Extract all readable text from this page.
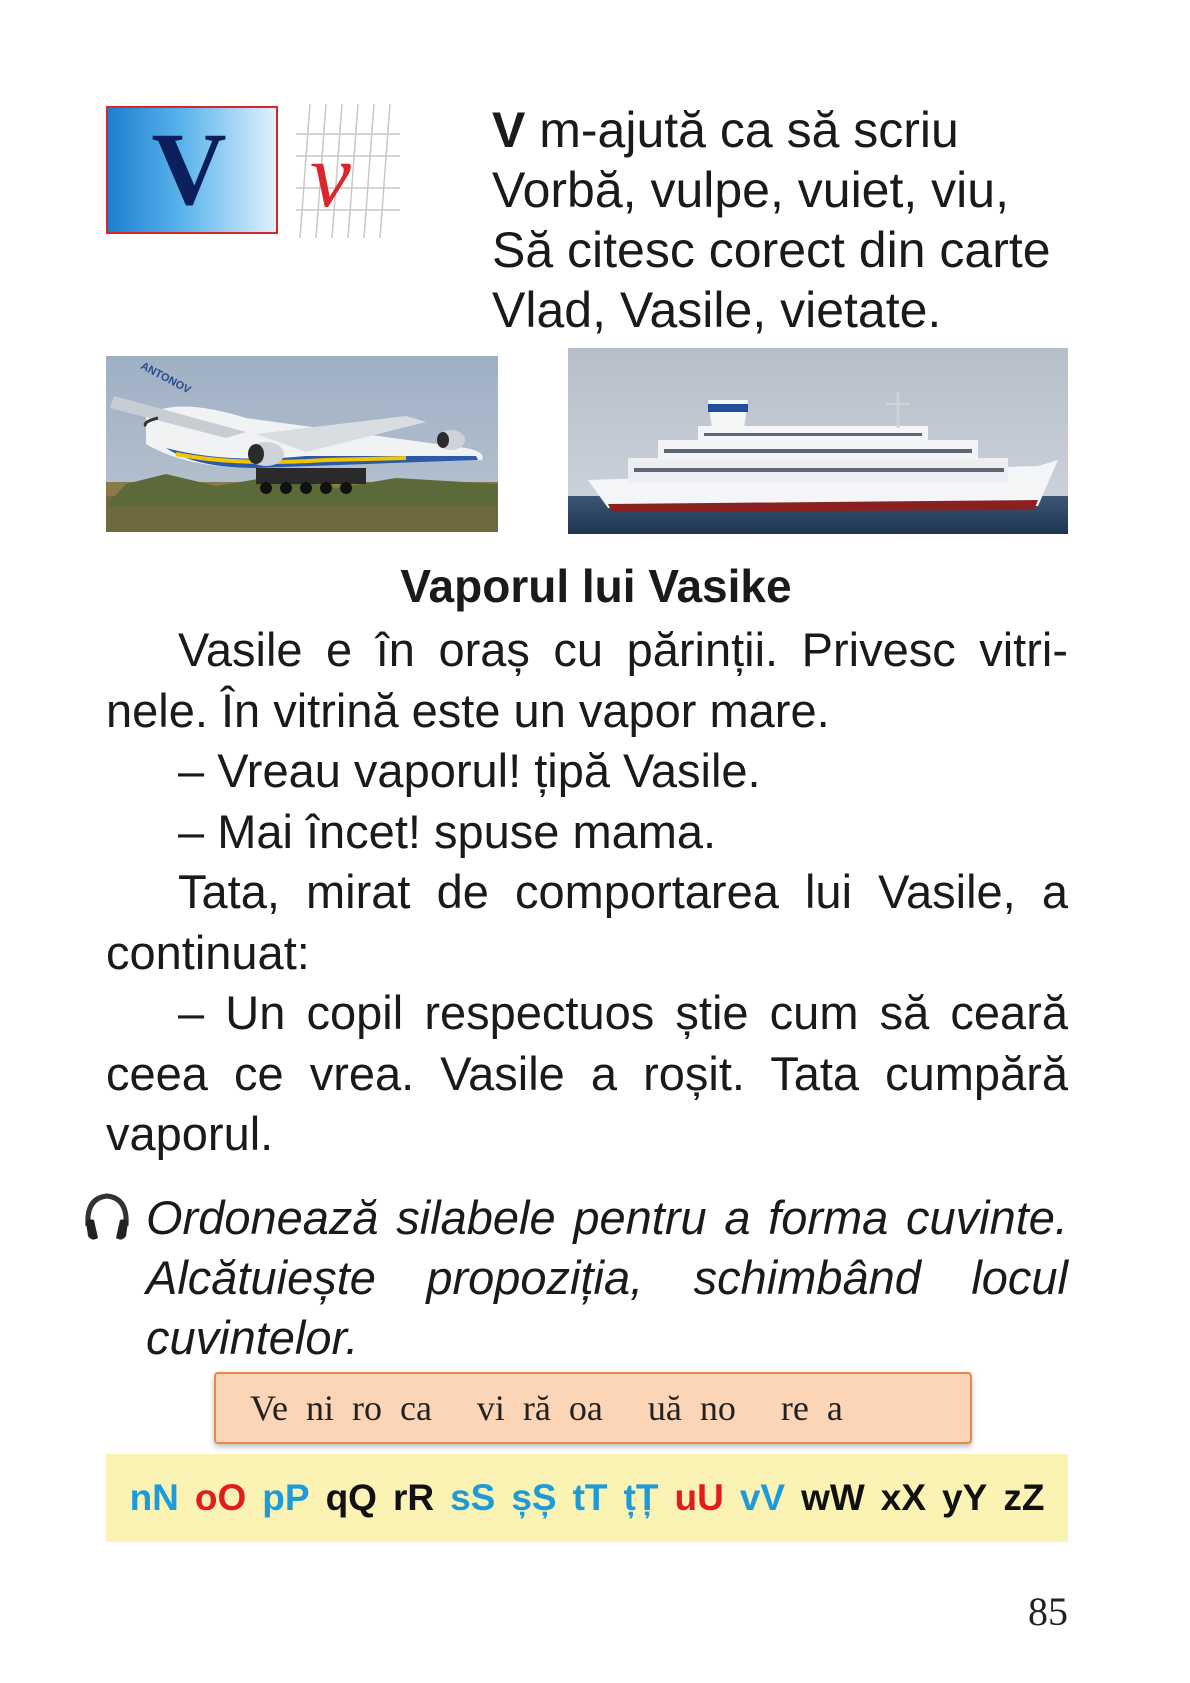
V v	V m-ajută ca să scriu
Vorbă, vulpe, vuiet, viu,
Să citesc corect din carte
Vlad, Vasile, vietate.
ANTONOV
Vaporul lui Vasike

Vasile e în oraș cu părinții. Privesc vitrinele. În vitrină este un vapor mare.

– Vreau vaporul! țipă Vasile.

– Mai încet! spuse mama.

Tata, mirat de comportarea lui Vasile, a continuat:

– Un copil respectuos știe cum să ceară ceea ce vrea. Vasile a roșit. Tata cumpără vaporul.

Ordonează silabele pentru a forma cuvinte. Alcătuiește propoziția, schimbând locul cuvintelor.
Ve  ni  ro  ca     vi  ră  oa     uă  no     re  a
nN oO pP qQ rR sS șȘ tT țȚ uU vV wW xX yY zZ
85
